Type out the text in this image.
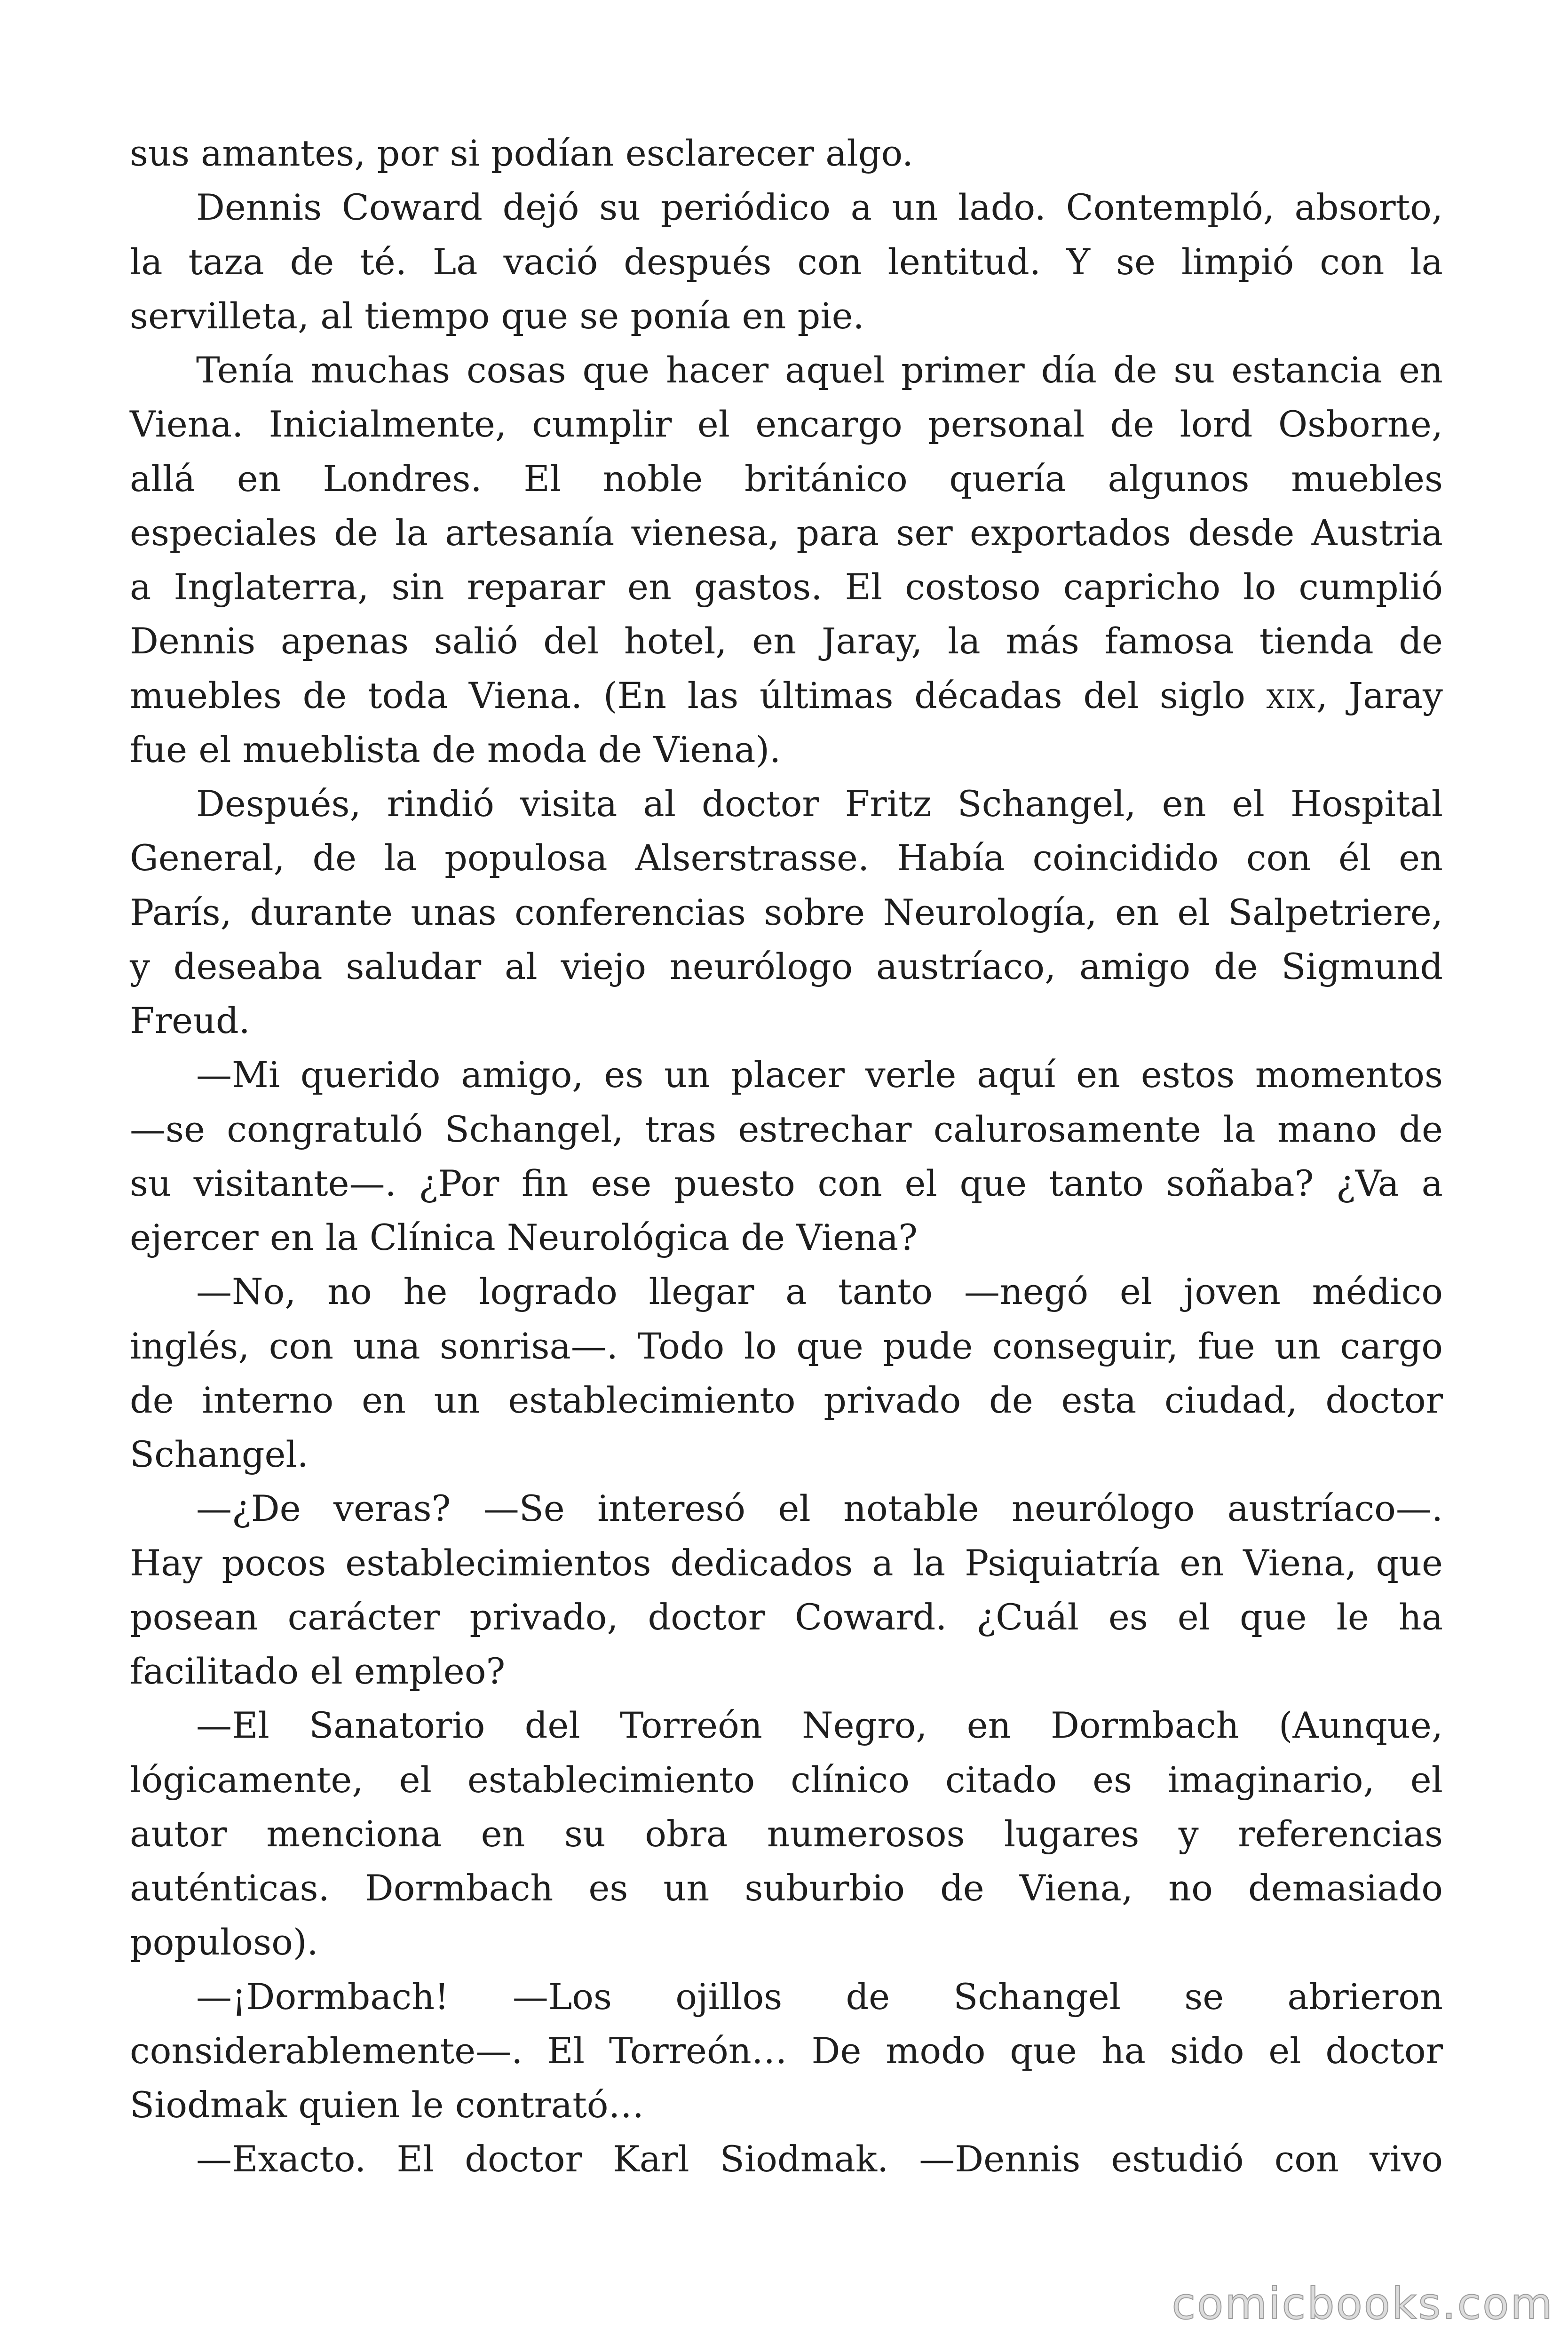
sus amantes, por si podían esclarecer algo.
Dennis Coward dejó su periódico a un lado. Contempló, absorto,
la taza de té. La vació después con lentitud. Y se limpió con la
servilleta, al tiempo que se ponía en pie.
Tenía muchas cosas que hacer aquel primer día de su estancia en
Viena. Inicialmente, cumplir el encargo personal de lord Osborne,
allá en Londres. El noble británico quería algunos muebles
especiales de la artesanía vienesa, para ser exportados desde Austria
a Inglaterra, sin reparar en gastos. El costoso capricho lo cumplió
Dennis apenas salió del hotel, en Jaray, la más famosa tienda de
muebles de toda Viena. (En las últimas décadas del siglo XIX, Jaray
fue el mueblista de moda de Viena).
Después, rindió visita al doctor Fritz Schangel, en el Hospital
General, de la populosa Alserstrasse. Había coincidido con él en
París, durante unas conferencias sobre Neurología, en el Salpetriere,
y deseaba saludar al viejo neurólogo austríaco, amigo de Sigmund
Freud.
—Mi querido amigo, es un placer verle aquí en estos momentos
—se congratuló Schangel, tras estrechar calurosamente la mano de
su visitante—. ¿Por fin ese puesto con el que tanto soñaba? ¿Va a
ejercer en la Clínica Neurológica de Viena?
—No, no he logrado llegar a tanto —negó el joven médico
inglés, con una sonrisa—. Todo lo que pude conseguir, fue un cargo
de interno en un establecimiento privado de esta ciudad, doctor
Schangel.
—¿De veras? —Se interesó el notable neurólogo austríaco—.
Hay pocos establecimientos dedicados a la Psiquiatría en Viena, que
posean carácter privado, doctor Coward. ¿Cuál es el que le ha
facilitado el empleo?
—El Sanatorio del Torreón Negro, en Dormbach (Aunque,
lógicamente, el establecimiento clínico citado es imaginario, el
autor menciona en su obra numerosos lugares y referencias
auténticas. Dormbach es un suburbio de Viena, no demasiado
populoso).
—¡Dormbach! —Los ojillos de Schangel se abrieron
considerablemente—. El Torreón… De modo que ha sido el doctor
Siodmak quien le contrató…
—Exacto. El doctor Karl Siodmak. —Dennis estudió con vivo
comicbooks.com
